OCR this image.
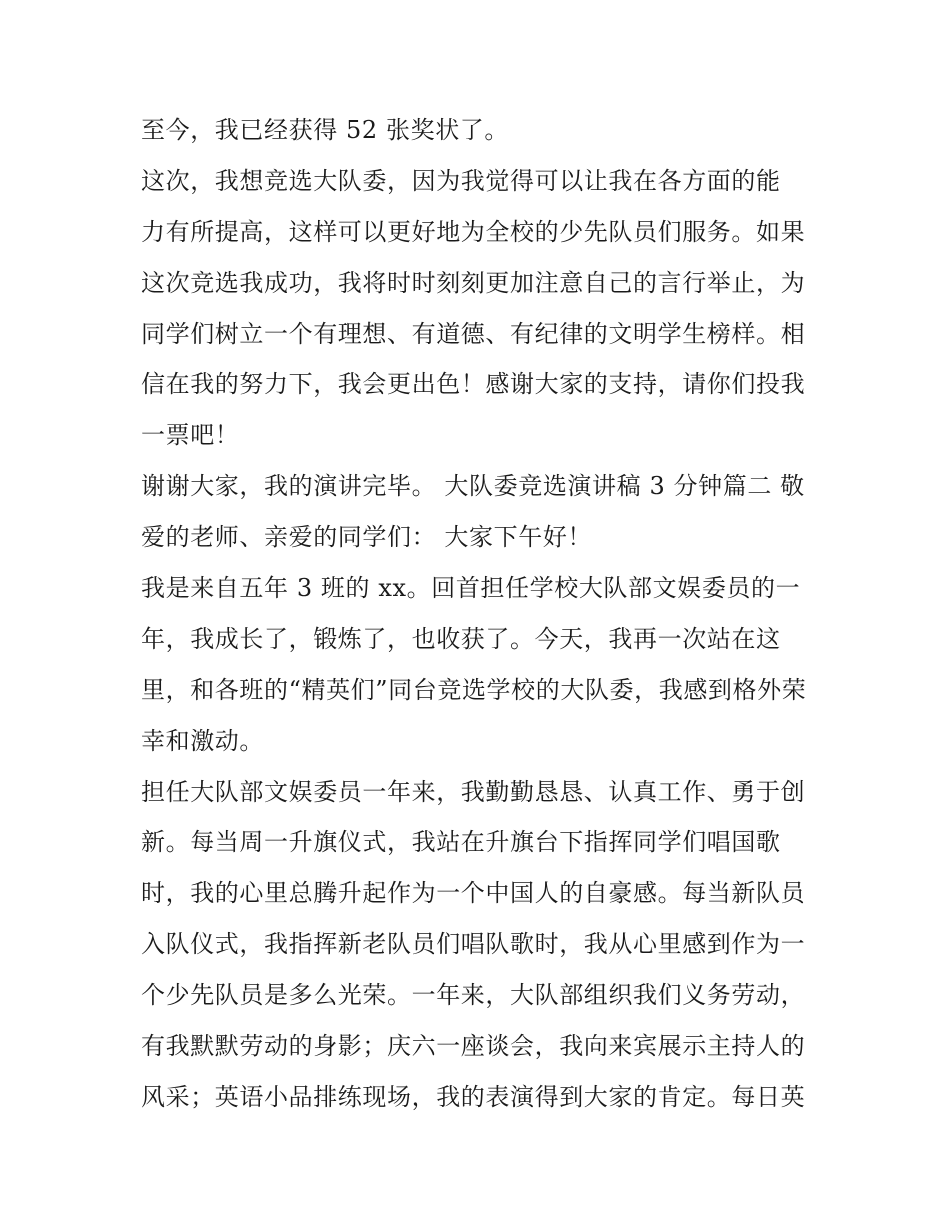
至今，我已经获得 52 张奖状了。
这次，我想竞选大队委，因为我觉得可以让我在各方面的能
力有所提高，这样可以更好地为全校的少先队员们服务。如果
这次竞选我成功，我将时时刻刻更加注意自己的言行举止，为
同学们树立一个有理想、有道德、有纪律的文明学生榜样。相
信在我的努力下，我会更出色！感谢大家的支持，请你们投我
一票吧！
谢谢大家，我的演讲完毕。 大队委竞选演讲稿 3 分钟篇二 敬
爱的老师、亲爱的同学们： 大家下午好！
我是来自五年 3 班的 xx。回首担任学校大队部文娱委员的一
年，我成长了，锻炼了，也收获了。今天，我再一次站在这
里，和各班的“精英们”同台竞选学校的大队委，我感到格外荣
幸和激动。
担任大队部文娱委员一年来，我勤勤恳恳、认真工作、勇于创
新。每当周一升旗仪式，我站在升旗台下指挥同学们唱国歌
时，我的心里总腾升起作为一个中国人的自豪感。每当新队员
入队仪式，我指挥新老队员们唱队歌时，我从心里感到作为一
个少先队员是多么光荣。一年来，大队部组织我们义务劳动，
有我默默劳动的身影；庆六一座谈会，我向来宾展示主持人的
风采；英语小品排练现场，我的表演得到大家的肯定。每日英
